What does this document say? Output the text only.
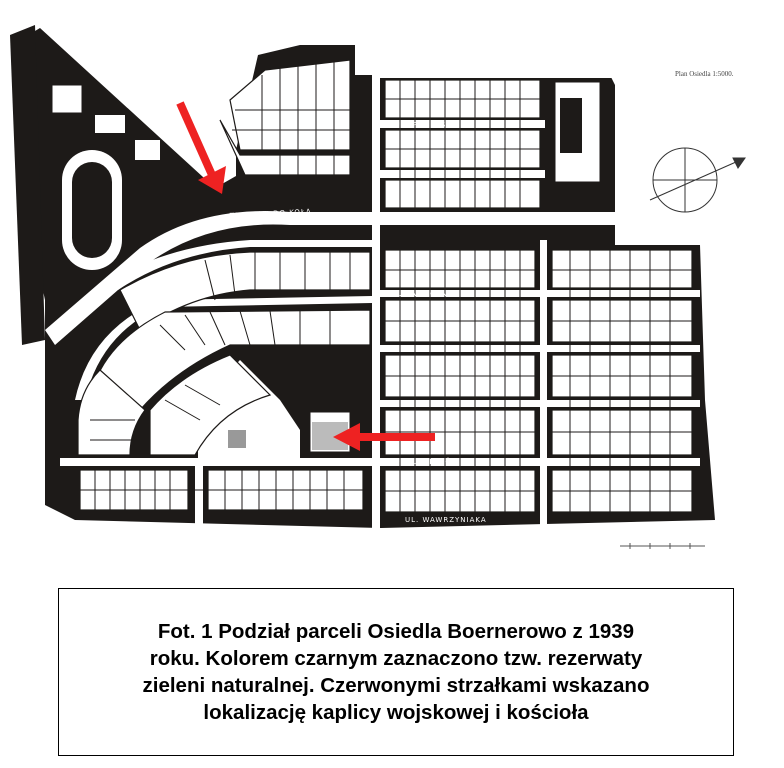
TRAMWAJ DO KOŁA	SZOSA DO WARSZAWY
UL. PODLEŚNA
UL. KAPLICZNA
UL. LEGIONÓW
UL. WAWRZYNIAKA
Plan Osiedla 1:5000.

Fot. 1 Podział parceli Osiedla Boernerowo z 1939
roku. Kolorem czarnym zaznaczono tzw. rezerwaty
zieleni naturalnej. Czerwonymi strzałkami wskazano
lokalizację kaplicy wojskowej i kościoła
